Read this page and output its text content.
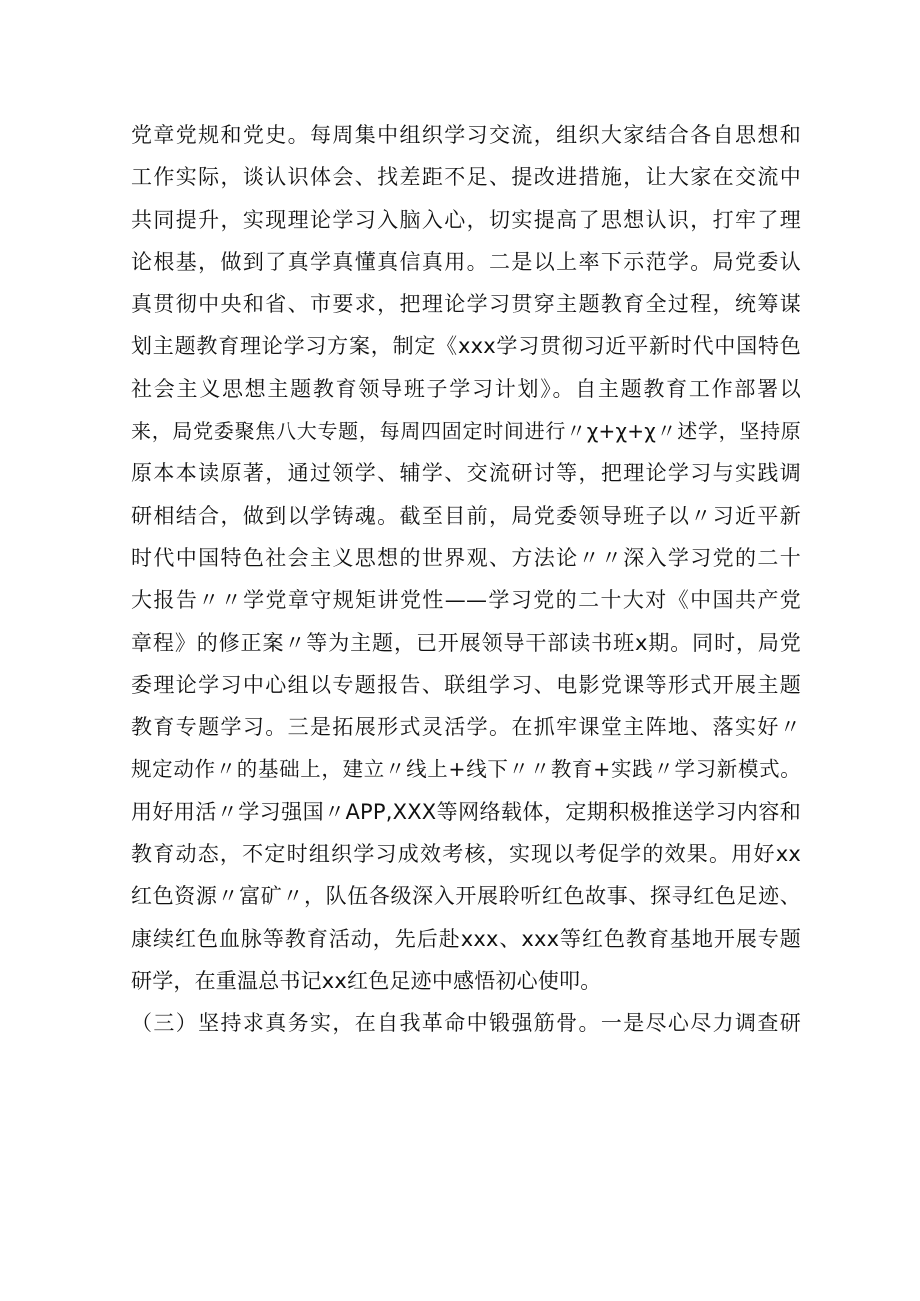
党章党规和党史。每周集中组织学习交流，组织大家结合各自思想和
工作实际，谈认识体会、找差距不足、提改进措施，让大家在交流中
共同提升，实现理论学习入脑入心，切实提高了思想认识，打牢了理
论根基，做到了真学真懂真信真用。二是以上率下示范学。局党委认
真贯彻中央和省、市要求，把理论学习贯穿主题教育全过程，统筹谋
划主题教育理论学习方案，制定《xxx学习贯彻习近平新时代中国特色
社会主义思想主题教育领导班子学习计划》。自主题教育工作部署以
来，局党委聚焦八大专题，每周四固定时间进行〃χ+χ+χ〃述学，坚持原
原本本读原著，通过领学、辅学、交流研讨等，把理论学习与实践调
研相结合，做到以学铸魂。截至目前，局党委领导班子以〃习近平新
时代中国特色社会主义思想的世界观、方法论〃〃深入学习党的二十
大报告〃〃学党章守规矩讲党性——学习党的二十大对《中国共产党
章程》的修正案〃等为主题，已开展领导干部读书班x期。同时，局党
委理论学习中心组以专题报告、联组学习、电影党课等形式开展主题
教育专题学习。三是拓展形式灵活学。在抓牢课堂主阵地、落实好〃
规定动作〃的基础上，建立〃线上+线下〃〃教育+实践〃学习新模式。
用好用活〃学习强国〃APP,XXX等网络载体，定期积极推送学习内容和
教育动态，不定时组织学习成效考核，实现以考促学的效果。用好xx
红色资源〃富矿〃，队伍各级深入开展聆听红色故事、探寻红色足迹、
康续红色血脉等教育活动，先后赴xxx、xxx等红色教育基地开展专题
研学，在重温总书记xx红色足迹中感悟初心使叩。
（三）坚持求真务实，在自我革命中锻强筋骨。一是尽心尽力调查研
